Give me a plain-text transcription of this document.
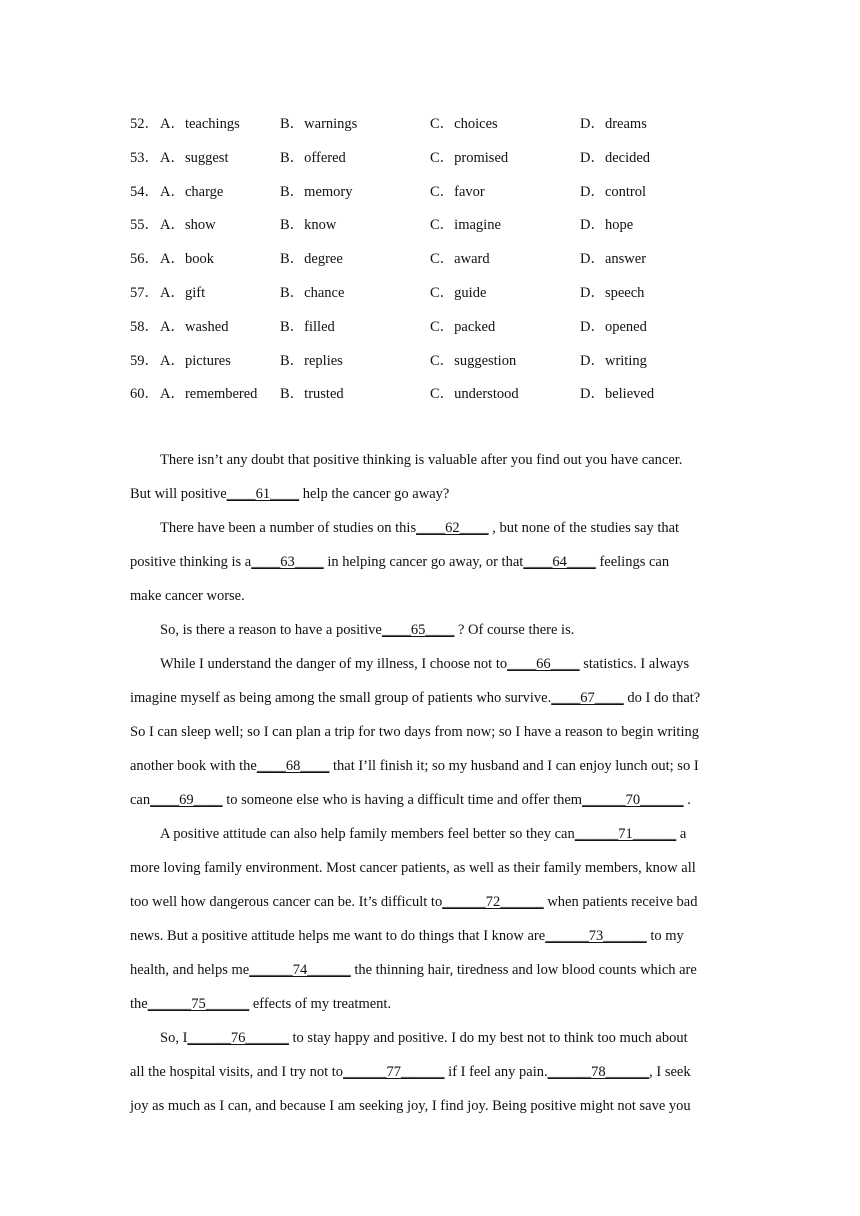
52． A．teachings	B．warnings	C．choices	D．dreams
53． A．suggest	B．offered	C．promised	D．decided
54． A．charge	B．memory	C．favor	D．control
55． A．show	B．know	C．imagine	D．hope
56． A．book	B．degree	C．award	D．answer
57． A．gift	B．chance	C．guide	D．speech
58． A．washed	B．filled	C．packed	D．opened
59． A．pictures	B．replies	C．suggestion	D．writing
60． A．remembered B．trusted	C．understood	D．believed
There isn’t any doubt that positive thinking is valuable after you find out you have cancer.
But will positive____61____ help the cancer go away?
There have been a number of studies on this____62____ , but none of the studies say that
positive thinking is a____63____ in helping cancer go away, or that____64____ feelings can
make cancer worse.
So, is there a reason to have a positive____65____ ? Of course there is.
While I understand the danger of my illness, I choose not to____66____ statistics. I always
imagine myself as being among the small group of patients who survive.____67____ do I do that?
So I can sleep well; so I can plan a trip for two days from now; so I have a reason to begin writing
another book with the____68____ that I’ll finish it; so my husband and I can enjoy lunch out; so I
can____69____ to someone else who is having a difficult time and offer them______70______ .
A positive attitude can also help family members feel better so they can______71______ a
more loving family environment. Most cancer patients, as well as their family members, know all
too well how dangerous cancer can be. It’s difficult to______72______ when patients receive bad
news. But a positive attitude helps me want to do things that I know are______73______ to my
health, and helps me______74______ the thinning hair, tiredness and low blood counts which are
the______75______ effects of my treatment.
So, I______76______ to stay happy and positive. I do my best not to think too much about
all the hospital visits, and I try not to______77______ if I feel any pain.______78______, I seek
joy as much as I can, and because I am seeking joy, I find joy. Being positive might not save you
